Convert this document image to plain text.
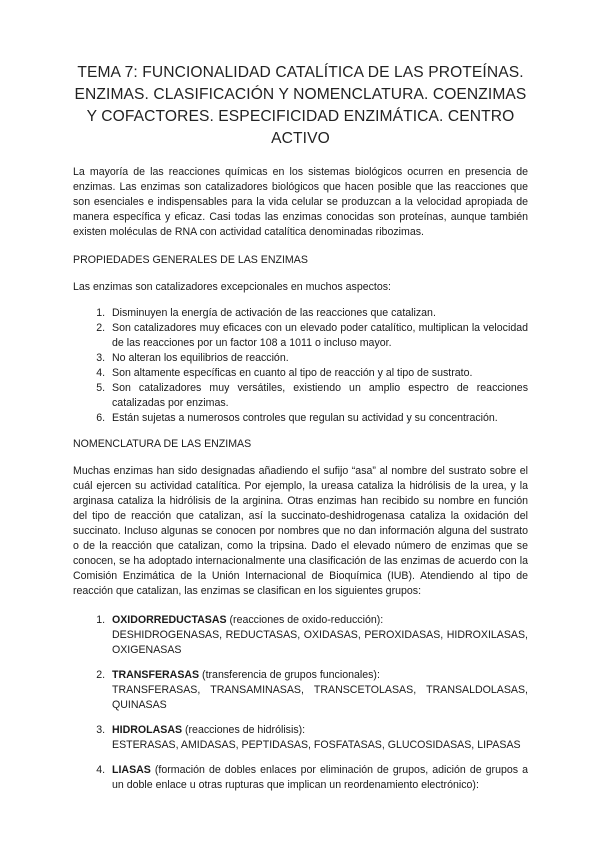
TEMA 7: FUNCIONALIDAD CATALÍTICA DE LAS PROTEÍNAS. ENZIMAS. CLASIFICACIÓN Y NOMENCLATURA. COENZIMAS Y COFACTORES. ESPECIFICIDAD ENZIMÁTICA. CENTRO ACTIVO

La mayoría de las reacciones químicas en los sistemas biológicos ocurren en presencia de enzimas. Las enzimas son catalizadores biológicos que hacen posible que las reacciones que son esenciales e indispensables para la vida celular se produzcan a la velocidad apropiada de manera específica y eficaz. Casi todas las enzimas conocidas son proteínas, aunque también existen moléculas de RNA con actividad catalítica denominadas ribozimas.

PROPIEDADES GENERALES DE LAS ENZIMAS

Las enzimas son catalizadores excepcionales en muchos aspectos:

1. Disminuyen la energía de activación de las reacciones que catalizan.
2. Son catalizadores muy eficaces con un elevado poder catalítico, multiplican la velocidad de las reacciones por un factor 108 a 1011 o incluso mayor.
3. No alteran los equilibrios de reacción.
4. Son altamente específicas en cuanto al tipo de reacción y al tipo de sustrato.
5. Son catalizadores muy versátiles, existiendo un amplio espectro de reacciones catalizadas por enzimas.
6. Están sujetas a numerosos controles que regulan su actividad y su concentración.
NOMENCLATURA DE LAS ENZIMAS

Muchas enzimas han sido designadas añadiendo el sufijo “asa” al nombre del sustrato sobre el cuál ejercen su actividad catalítica. Por ejemplo, la ureasa cataliza la hidrólisis de la urea, y la arginasa cataliza la hidrólisis de la arginina. Otras enzimas han recibido su nombre en función del tipo de reacción que catalizan, así la succinato-deshidrogenasa cataliza la oxidación del succinato. Incluso algunas se conocen por nombres que no dan información alguna del sustrato o de la reacción que catalizan, como la tripsina. Dado el elevado número de enzimas que se conocen, se ha adoptado internacionalmente una clasificación de las enzimas de acuerdo con la Comisión Enzimática de la Unión Internacional de Bioquímica (IUB). Atendiendo al tipo de reacción que catalizan, las enzimas se clasifican en los siguientes grupos:

1. OXIDORREDUCTASAS (reacciones de oxido-reducción):
DESHIDROGENASAS, REDUCTASAS, OXIDASAS, PEROXIDASAS, HIDROXILASAS, OXIGENASAS
2. TRANSFERASAS (transferencia de grupos funcionales):
TRANSFERASAS, TRANSAMINASAS, TRANSCETOLASAS, TRANSALDOLASAS, QUINASAS
3. HIDROLASAS (reacciones de hidrólisis):
ESTERASAS, AMIDASAS, PEPTIDASAS, FOSFATASAS, GLUCOSIDASAS, LIPASAS
4. LIASAS (formación de dobles enlaces por eliminación de grupos, adición de grupos a un doble enlace u otras rupturas que implican un reordenamiento electrónico):
